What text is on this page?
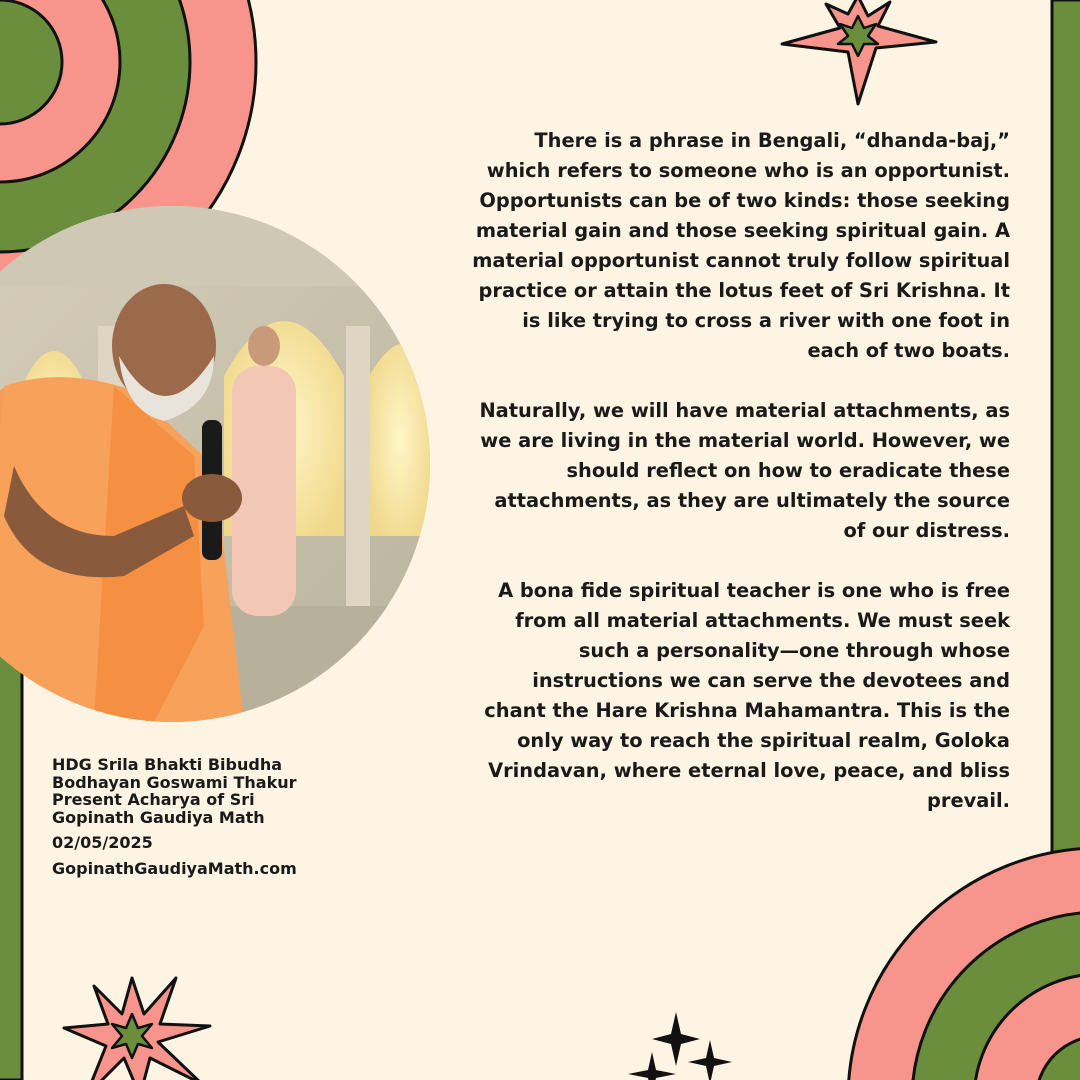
There is a phrase in Bengali, “dhanda-baj,” which refers to someone who is an opportunist. Opportunists can be of two kinds: those seeking material gain and those seeking spiritual gain. A material opportunist cannot truly follow spiritual practice or attain the lotus feet of Sri Krishna. It is like trying to cross a river with one foot in each of two boats.

Naturally, we will have material attachments, as we are living in the material world. However, we should reflect on how to eradicate these attachments, as they are ultimately the source of our distress.

A bona fide spiritual teacher is one who is free from all material attachments. We must seek such a personality—one through whose instructions we can serve the devotees and chant the Hare Krishna Mahamantra. This is the only way to reach the spiritual realm, Goloka Vrindavan, where eternal love, peace, and bliss prevail.

HDG Srila Bhakti Bibudha
Bodhayan Goswami Thakur
Present Acharya of Sri
Gopinath Gaudiya Math
02/05/2025
GopinathGaudiyaMath.com
